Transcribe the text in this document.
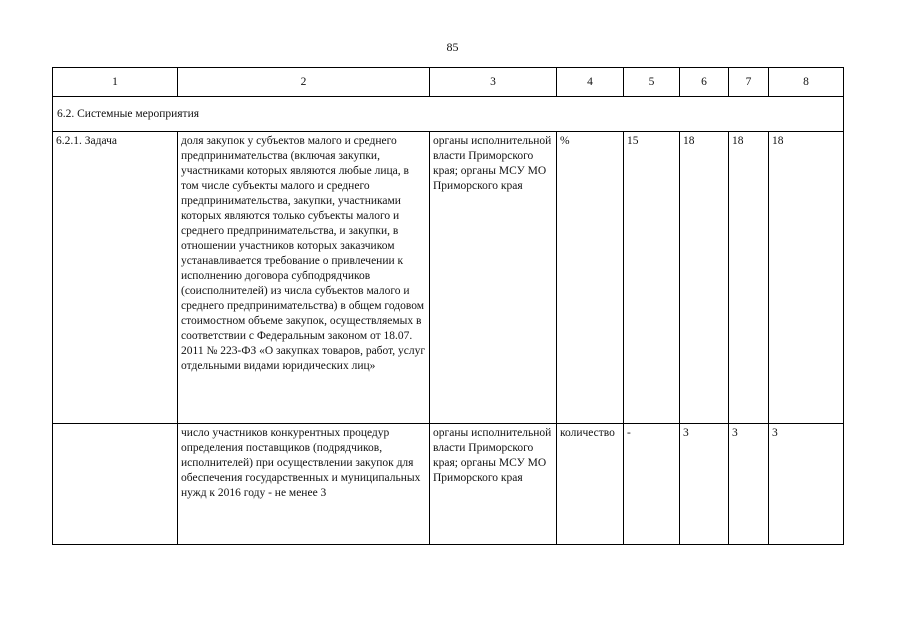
85
1	2	3	4	5	6	7	8
6.2. Системные мероприятия							
6.2.1. Задача	доля закупок у субъектов малого и среднего предпринимательства (включая закупки, участниками которых являются любые лица, в том числе субъекты малого и среднего предпринимательства, закупки, участниками которых являются только субъекты малого и среднего предпринимательства, и закупки, в отношении участников которых заказчиком устанавливается требование о привлечении к исполнению договора субподрядчиков (соисполнителей) из числа субъектов малого и среднего предпринимательства) в общем годовом стоимостном объеме закупок, осуществляемых в соответствии с Федеральным законом от 18.07. 2011 № 223-ФЗ «О закупках товаров, работ, услуг отдельными видами юридических лиц»	органы исполнительной власти Приморского края; органы МСУ МО Приморского края	%	15	18	18	18
	число участников конкурентных процедур определения поставщиков (подрядчиков, исполнителей) при осуществлении закупок для обеспечения государственных и муниципальных нужд к 2016 году - не менее 3	органы исполнительной власти Приморского края; органы МСУ МО Приморского края	количество	-	3	3	3
